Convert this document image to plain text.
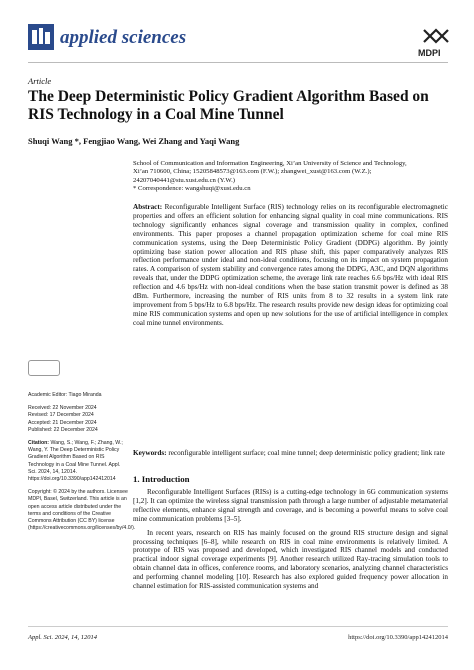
applied sciences
MDPI
Article
The Deep Deterministic Policy Gradient Algorithm Based on RIS Technology in a Coal Mine Tunnel
Shuqi Wang *, Fengjiao Wang, Wei Zhang and Yaqi Wang
School of Communication and Information Engineering, Xi’an University of Science and Technology,
Xi’an 710600, China; 15205848573@163.com (F.W.); zhangwei_xust@163.com (W.Z.);
24207040441@stu.xust.edu.cn (Y.W.)
* Correspondence: wangshuqi@xust.edu.cn
Abstract: Reconfigurable Intelligent Surface (RIS) technology relies on its reconfigurable electromagnetic properties and offers an efficient solution for enhancing signal quality in coal mine communications. RIS technology significantly enhances signal coverage and transmission quality in complex, confined environments. This paper proposes a channel propagation optimization scheme for coal mine RIS communication systems, using the Deep Deterministic Policy Gradient (DDPG) algorithm. By jointly optimizing base station power allocation and RIS phase shift, this paper comparatively analyzes RIS reflection performance under ideal and non-ideal conditions, focusing on its impact on system propagation rates. A comparison of system stability and convergence rates among the DDPG, A3C, and DQN algorithms reveals that, under the DDPG optimization scheme, the average link rate reaches 6.6 bps/Hz with ideal RIS reflection and 4.6 bps/Hz with non-ideal conditions when the base station transmit power is defined as 38 dBm. Furthermore, increasing the number of RIS units from 8 to 32 results in a system link rate improvement from 5 bps/Hz to 6.8 bps/Hz. The research results provide new design ideas for optimizing coal mine RIS communication systems and open up new solutions for the use of artificial intelligence in complex coal mine tunnel environments.
Keywords: reconfigurable intelligent surface; coal mine tunnel; deep deterministic policy gradient; link rate
Academic Editor: Tiago Miranda
Received: 22 November 2024
Revised: 17 December 2024
Accepted: 21 December 2024
Published: 22 December 2024
Citation: Wang, S.; Wang, F.; Zhang, W.; Wang, Y. The Deep Deterministic Policy Gradient Algorithm Based on RIS Technology in a Coal Mine Tunnel. Appl. Sci. 2024, 14, 12014. https://doi.org/10.3390/app142412014
Copyright: © 2024 by the authors. Licensee MDPI, Basel, Switzerland. This article is an open access article distributed under the terms and conditions of the Creative Commons Attribution (CC BY) license (https://creativecommons.org/licenses/by/4.0/).
1. Introduction

Reconfigurable Intelligent Surfaces (RISs) is a cutting-edge technology in 6G communication systems [1,2]. It can optimize the wireless signal transmission path through a large number of adjustable metamaterial reflective elements, enhance signal strength and coverage, and is becoming a powerful means to solve coal mine communication problems [3–5].

In recent years, research on RIS has mainly focused on the ground RIS structure design and signal processing techniques [6–8], while research on RIS in coal mine environments is relatively limited. A prototype of RIS was proposed and developed, which investigated RIS channel models and conducted practical indoor signal coverage experiments [9]. Another research utilized Ray-tracing simulation tools to obtain channel data in offices, conference rooms, and laboratory scenarios, analyzing channel characteristics and performing channel modeling [10]. Research has also explored guided frequency power allocation in channel estimation for RIS-assisted communication systems and

Appl. Sci. 2024, 14, 12014	https://doi.org/10.3390/app142412014
